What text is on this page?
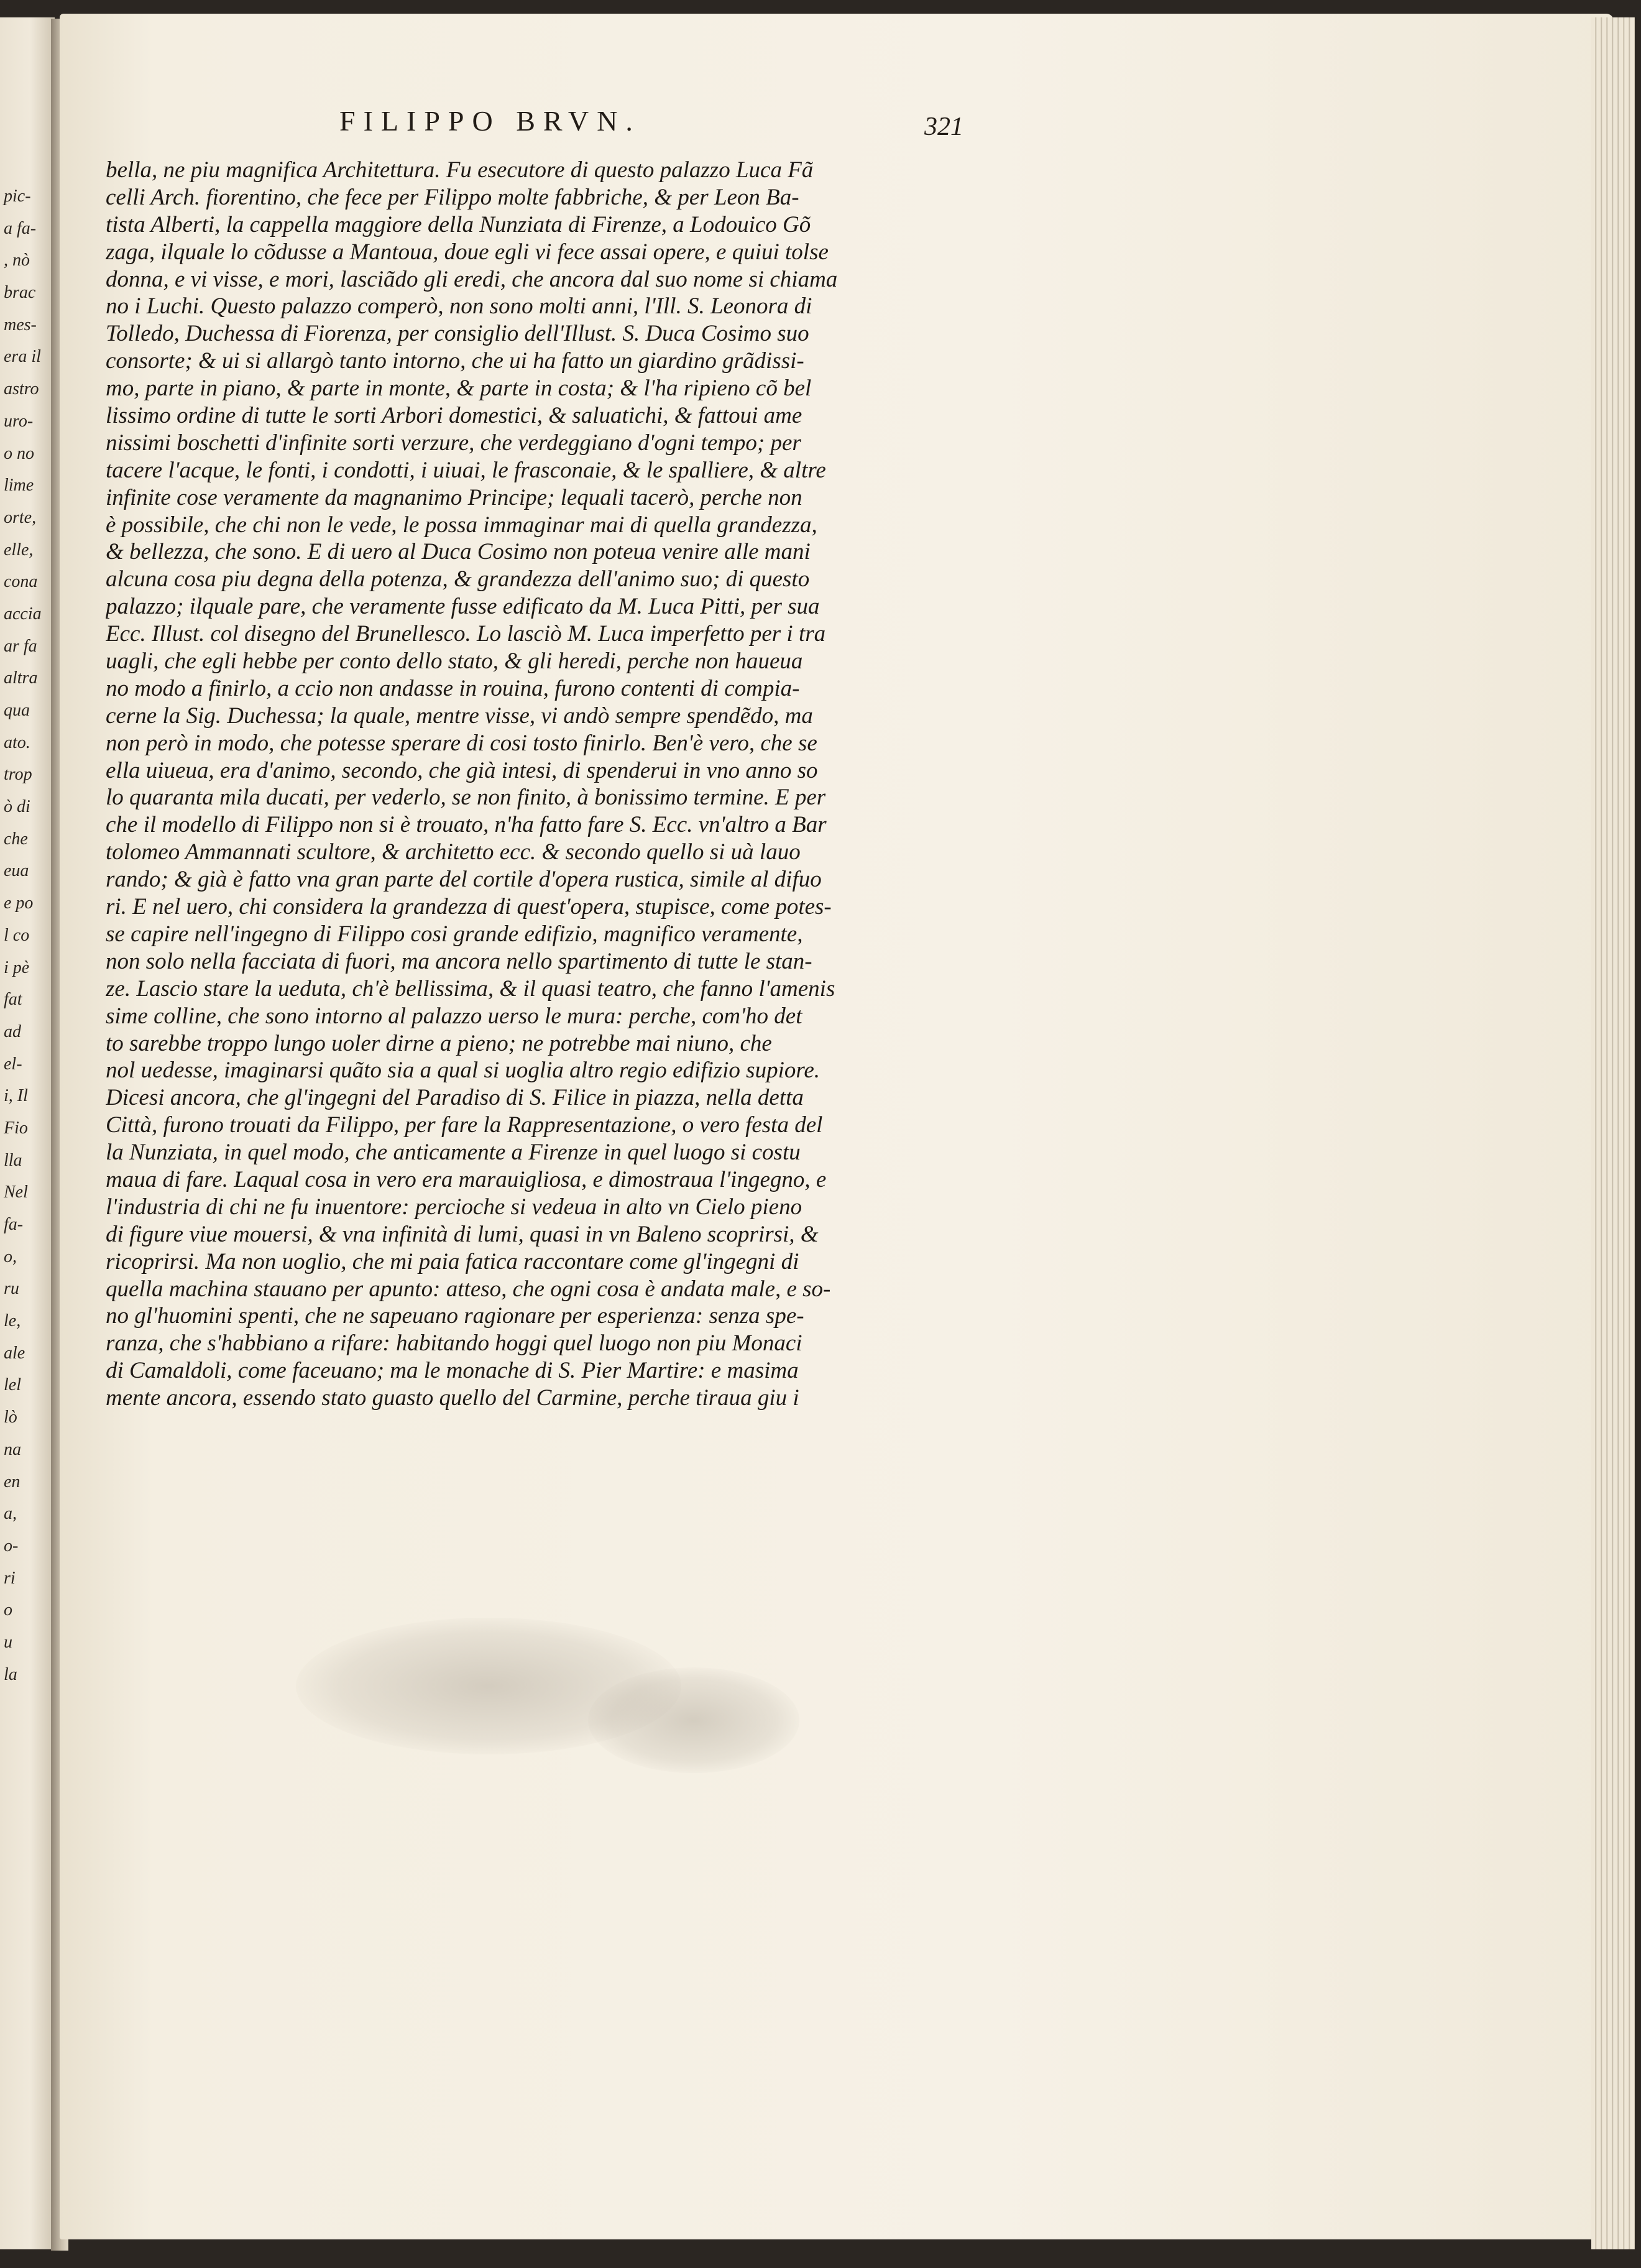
pic-
a fa-
, nò
brac
mes-
era il
astro
uro-
o no
lime
orte,
elle,
cona
accia
ar fa
altra
qua
ato.
trop
ò di
che
eua
e po
l co
i pè
fat
ad
el-
i, Il
Fio
lla
Nel
fa-
o,
ru
le,
ale
lel
lò
na
en
a,
o-
ri
o
u
la
FILIPPO BRVN.	321
bella, ne piu magnifica Architettura. Fu esecutore di questo palazzo Luca Fã
celli Arch. fiorentino, che fece per Filippo molte fabbriche, & per Leon Ba-
tista Alberti, la cappella maggiore della Nunziata di Firenze, a Lodouico Gõ
zaga, ilquale lo cõdusse a Mantoua, doue egli vi fece assai opere, e quiui tolse
donna, e vi visse, e mori, lasciãdo gli eredi, che ancora dal suo nome si chiama
no i Luchi. Questo palazzo comperò, non sono molti anni, l'Ill. S. Leonora di
Tolledo, Duchessa di Fiorenza, per consiglio dell'Illust. S. Duca Cosimo suo
consorte; & ui si allargò tanto intorno, che ui ha fatto un giardino grãdissi-
mo, parte in piano, & parte in monte, & parte in costa; & l'ha ripieno cõ bel
lissimo ordine di tutte le sorti Arbori domestici, & saluatichi, & fattoui ame
nissimi boschetti d'infinite sorti verzure, che verdeggiano d'ogni tempo; per
tacere l'acque, le fonti, i condotti, i uiuai, le frasconaie, & le spalliere, & altre
infinite cose veramente da magnanimo Principe; lequali tacerò, perche non
è possibile, che chi non le vede, le possa immaginar mai di quella grandezza,
& bellezza, che sono. E di uero al Duca Cosimo non poteua venire alle mani
alcuna cosa piu degna della potenza, & grandezza dell'animo suo; di questo
palazzo; ilquale pare, che veramente fusse edificato da M. Luca Pitti, per sua
Ecc. Illust. col disegno del Brunellesco. Lo lasciò M. Luca imperfetto per i tra
uagli, che egli hebbe per conto dello stato, & gli heredi, perche non haueua
no modo a finirlo, a ccio non andasse in rouina, furono contenti di compia-
cerne la Sig. Duchessa; la quale, mentre visse, vi andò sempre spendẽdo, ma
non però in modo, che potesse sperare di cosi tosto finirlo. Ben'è vero, che se
ella uiueua, era d'animo, secondo, che già intesi, di spenderui in vno anno so
lo quaranta mila ducati, per vederlo, se non finito, à bonissimo termine. E per
che il modello di Filippo non si è trouato, n'ha fatto fare S. Ecc. vn'altro a Bar
tolomeo Ammannati scultore, & architetto ecc. & secondo quello si uà lauo
rando; & già è fatto vna gran parte del cortile d'opera rustica, simile al difuo
ri. E nel uero, chi considera la grandezza di quest'opera, stupisce, come potes-
se capire nell'ingegno di Filippo cosi grande edifizio, magnifico veramente,
non solo nella facciata di fuori, ma ancora nello spartimento di tutte le stan-
ze. Lascio stare la ueduta, ch'è bellissima, & il quasi teatro, che fanno l'amenis
sime colline, che sono intorno al palazzo uerso le mura: perche, com'ho det
to sarebbe troppo lungo uoler dirne a pieno; ne potrebbe mai niuno, che
nol uedesse, imaginarsi quãto sia a qual si uoglia altro regio edifizio supiore.
Dicesi ancora, che gl'ingegni del Paradiso di S. Filice in piazza, nella detta
Città, furono trouati da Filippo, per fare la Rappresentazione, o vero festa del
la Nunziata, in quel modo, che anticamente a Firenze in quel luogo si costu
maua di fare. Laqual cosa in vero era marauigliosa, e dimostraua l'ingegno, e
l'industria di chi ne fu inuentore: percioche si vedeua in alto vn Cielo pieno
di figure viue mouersi, & vna infinità di lumi, quasi in vn Baleno scoprirsi, &
ricoprirsi. Ma non uoglio, che mi paia fatica raccontare come gl'ingegni di
quella machina stauano per apunto: atteso, che ogni cosa è andata male, e so-
no gl'huomini spenti, che ne sapeuano ragionare per esperienza: senza spe-
ranza, che s'habbiano a rifare: habitando hoggi quel luogo non piu Monaci
di Camaldoli, come faceuano; ma le monache di S. Pier Martire: e masima
mente ancora, essendo stato guasto quello del Carmine, perche tiraua giu i
